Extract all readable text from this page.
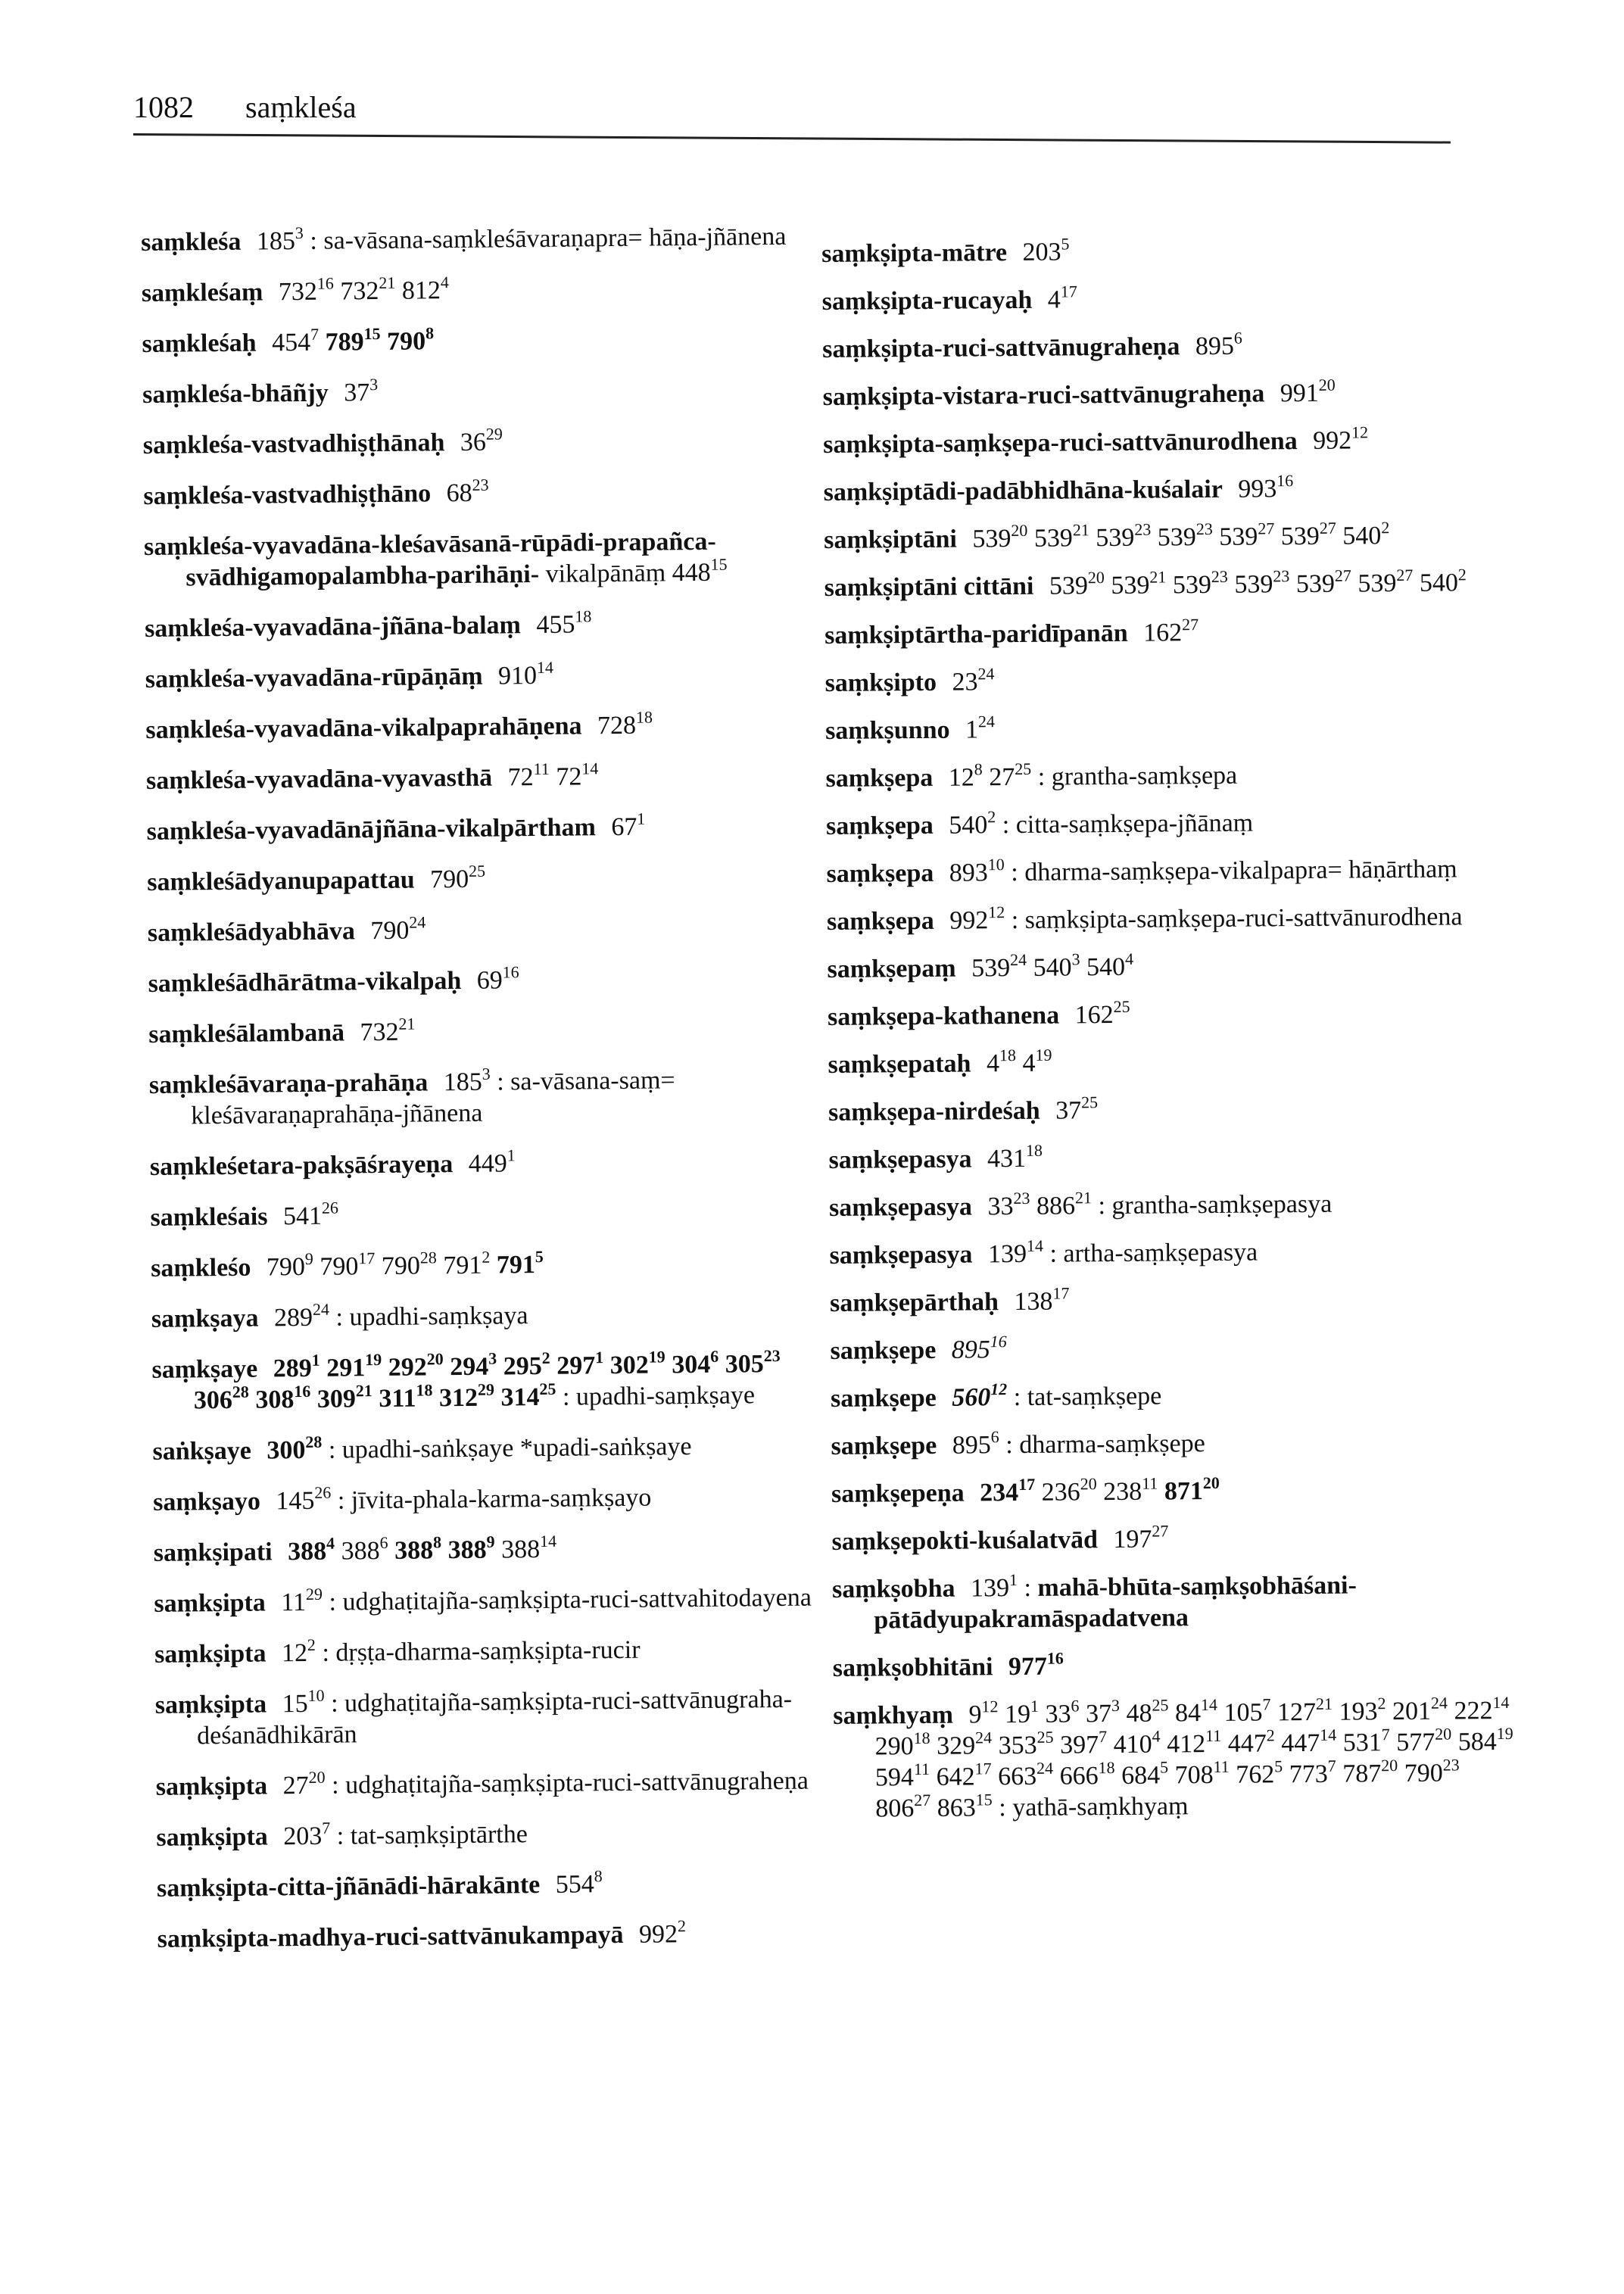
1082 saṃkleśa
saṃkleśa $185^3$ : sa-vāsana-saṃkleśāvaraṇapra= hāṇa-jñānena
saṃkleśaṃ $732^{16}$ $732^{21}$ $812^4$
saṃkleśaḥ $454^7$ $789^{15}$ $790^8$
saṃkleśa-bhāñjy $37^3$
saṃkleśa-vastvadhiṣṭhānaḥ $36^{29}$
saṃkleśa-vastvadhiṣṭhāno $68^{23}$
saṃkleśa-vyavadāna-kleśavāsanā-rūpādi-prapañca-svādhigamopalambha-parihāṇi- vikalpānāṃ $448^{15}$
saṃkleśa-vyavadāna-jñāna-balaṃ $455^{18}$
saṃkleśa-vyavadāna-rūpāṇāṃ $910^{14}$
saṃkleśa-vyavadāna-vikalpaprahāṇena $728^{18}$
saṃkleśa-vyavadāna-vyavasthā $72^{11}$ $72^{14}$
saṃkleśa-vyavadānājñāna-vikalpārtham $67^1$
saṃkleśādyanupapattau $790^{25}$
saṃkleśādyabhāva $790^{24}$
saṃkleśādhārātma-vikalpaḥ $69^{16}$
saṃkleśālambanā $732^{21}$
saṃkleśāvaraṇa-prahāṇa $185^3$ : sa-vāsana-saṃ= kleśāvaraṇaprahāṇa-jñānena
saṃkleśetara-pakṣāśrayeṇa $449^1$
saṃkleśais $541^{26}$
saṃkleśo $790^9$ $790^{17}$ $790^{28}$ $791^2$ $791^5$
saṃkṣaya $289^{24}$ : upadhi-saṃkṣaya
saṃkṣaye $289^1$ $291^{19}$ $292^{20}$ $294^3$ $295^2$ $297^1$ $302^{19}$ $304^6$ $305^{23}$ $306^{28}$ $308^{16}$ $309^{21}$ $311^{18}$ $312^{29}$ $314^{25}$ : upadhi-saṃkṣaye
saṅkṣaye $300^{28}$ : upadhi-saṅkṣaye *upadi-saṅkṣaye
saṃkṣayo $145^{26}$ : jīvita-phala-karma-saṃkṣayo
saṃkṣipati $388^4$ $388^6$ $388^8$ $388^9$ $388^{14}$
saṃkṣipta $11^{29}$ : udghaṭitajña-saṃkṣipta-ruci-sattvahitodayena
saṃkṣipta $12^2$ : dṛṣṭa-dharma-saṃkṣipta-rucir
saṃkṣipta $15^{10}$ : udghaṭitajña-saṃkṣipta-ruci-sattvānugraha-deśanādhikārān
saṃkṣipta $27^{20}$ : udghaṭitajña-saṃkṣipta-ruci-sattvānugraheṇa
saṃkṣipta $203^7$ : tat-saṃkṣiptārthe
saṃkṣipta-citta-jñānādi-hārakānte $554^8$
saṃkṣipta-madhya-ruci-sattvānukampayā $992^2$
saṃkṣipta-mātre $203^5$
saṃkṣipta-rucayaḥ $4^{17}$
saṃkṣipta-ruci-sattvānugraheṇa $895^6$
saṃkṣipta-vistara-ruci-sattvānugraheṇa $991^{20}$
saṃkṣipta-saṃkṣepa-ruci-sattvānurodhena $992^{12}$
saṃkṣiptādi-padābhidhāna-kuśalair $993^{16}$
saṃkṣiptāni $539^{20}$ $539^{21}$ $539^{23}$ $539^{23}$ $539^{27}$ $539^{27}$ $540^2$
saṃkṣiptāni cittāni $539^{20}$ $539^{21}$ $539^{23}$ $539^{23}$ $539^{27}$ $539^{27}$ $540^2$
saṃkṣiptārtha-paridīpanān $162^{27}$
saṃkṣipto $23^{24}$
saṃkṣunno $1^{24}$
saṃkṣepa $12^8$ $27^{25}$ : grantha-saṃkṣepa
saṃkṣepa $540^2$ : citta-saṃkṣepa-jñānaṃ
saṃkṣepa $893^{10}$ : dharma-saṃkṣepa-vikalpapra= hāṇārthaṃ
saṃkṣepa $992^{12}$ : saṃkṣipta-saṃkṣepa-ruci-sattvānurodhena
saṃkṣepaṃ $539^{24}$ $540^3$ $540^4$
saṃkṣepa-kathanena $162^{25}$
saṃkṣepataḥ $4^{18}$ $4^{19}$
saṃkṣepa-nirdeśaḥ $37^{25}$
saṃkṣepasya $431^{18}$
saṃkṣepasya $33^{23}$ $886^{21}$ : grantha-saṃkṣepasya
saṃkṣepasya $139^{14}$ : artha-saṃkṣepasya
saṃkṣepārthaḥ $138^{17}$
saṃkṣepe $895^{16}$
saṃkṣepe $560^{12}$ : tat-saṃkṣepe
saṃkṣepe $895^6$ : dharma-saṃkṣepe
saṃkṣepeṇa $234^{17}$ $236^{20}$ $238^{11}$ $871^{20}$
saṃkṣepokti-kuśalatvād $197^{27}$
saṃkṣobha $139^1$ : mahā-bhūta-saṃkṣobhāśani-pātādyupakramāspadatvena
saṃkṣobhitāni $977^{16}$
saṃkhyaṃ $9^{12}$ $19^1$ $33^6$ $37^3$ $48^{25}$ $84^{14}$ $105^7$ $127^{21}$ $193^2$ $201^{24}$ $222^{14}$ $290^{18}$ $329^{24}$ $353^{25}$ $397^7$ $410^4$ $412^{11}$ $447^2$ $447^{14}$ $531^7$ $577^{20}$ $584^{19}$ $594^{11}$ $642^{17}$ $663^{24}$ $666^{18}$ $684^5$ $708^{11}$ $762^5$ $773^7$ $787^{20}$ $790^{23}$ $806^{27}$ $863^{15}$ : yathā-saṃkhyaṃ
